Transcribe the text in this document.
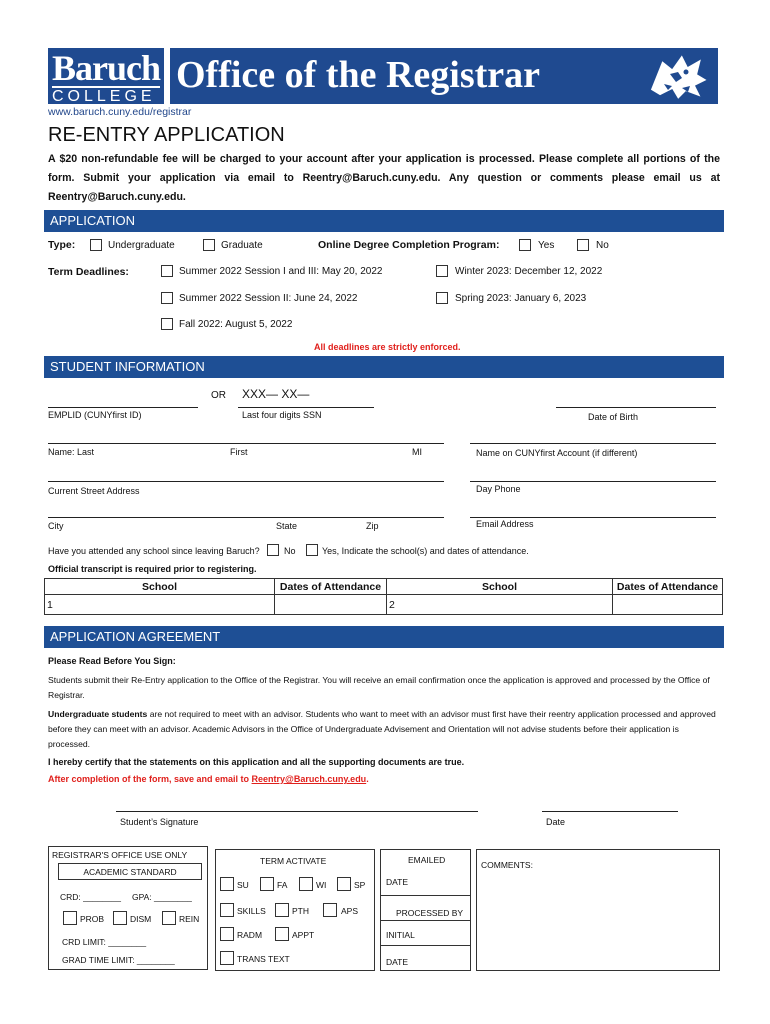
Baruch
COLLEGE
Office of the Registrar
www.baruch.cuny.edu/registrar
RE-ENTRY APPLICATION
A $20 non-refundable fee will be charged to your account after your application is processed. Please complete all portions of the form. Submit your application via email to Reentry@Baruch.cuny.edu. Any question or comments please email us at Reentry@Baruch.cuny.edu.
APPLICATION
Type:	Undergraduate	Graduate	Online Degree Completion Program:	Yes	No
Term Deadlines:	Summer 2022 Session I and III: May 20, 2022	Winter 2023: December 12, 2022
Summer 2022 Session II: June 24, 2022	Spring 2023: January 6, 2023
Fall 2022: August 5, 2022
All deadlines are strictly enforced.
STUDENT INFORMATION
OR XXX— XX—
EMPLID (CUNYfirst ID)	Last four digits SSN	Date of Birth
Name: Last	First	MI	Name on CUNYfirst Account (if different)
Current Street Address	Day Phone
City	State	Zip	Email Address
Have you attended any school since leaving Baruch?	No	Yes, Indicate the school(s) and dates of attendance.
Official transcript is required prior to registering.
School	Dates of Attendance	School	Dates of Attendance
1		2	
APPLICATION AGREEMENT
Please Read Before You Sign:
Students submit their Re-Entry application to the Office of the Registrar. You will receive an email confirmation once the application is approved and processed by the Office of Registrar.
Undergraduate students are not required to meet with an advisor. Students who want to meet with an advisor must first have their reentry application processed and approved before they can meet with an advisor. Academic Advisors in the Office of Undergraduate Advisement and Orientation will not advise students before their application is processed.
I hereby certify that the statements on this application and all the supporting documents are true.
After completion of the form, save and email to Reentry@Baruch.cuny.edu.
Student’s Signature	Date
REGISTRAR'S OFFICE USE ONLY
ACADEMIC STANDARD
CRD: ________ GPA: ________
PROB	DISM	REIN
CRD LIMIT: ________
GRAD TIME LIMIT: ________
TERM ACTIVATE
SU	FA	WI	SP
SKILLS	PTH	APS
RADM	APPT
TRANS TEXT
EMAILED
DATE
PROCESSED BY
INITIAL
DATE
COMMENTS:
